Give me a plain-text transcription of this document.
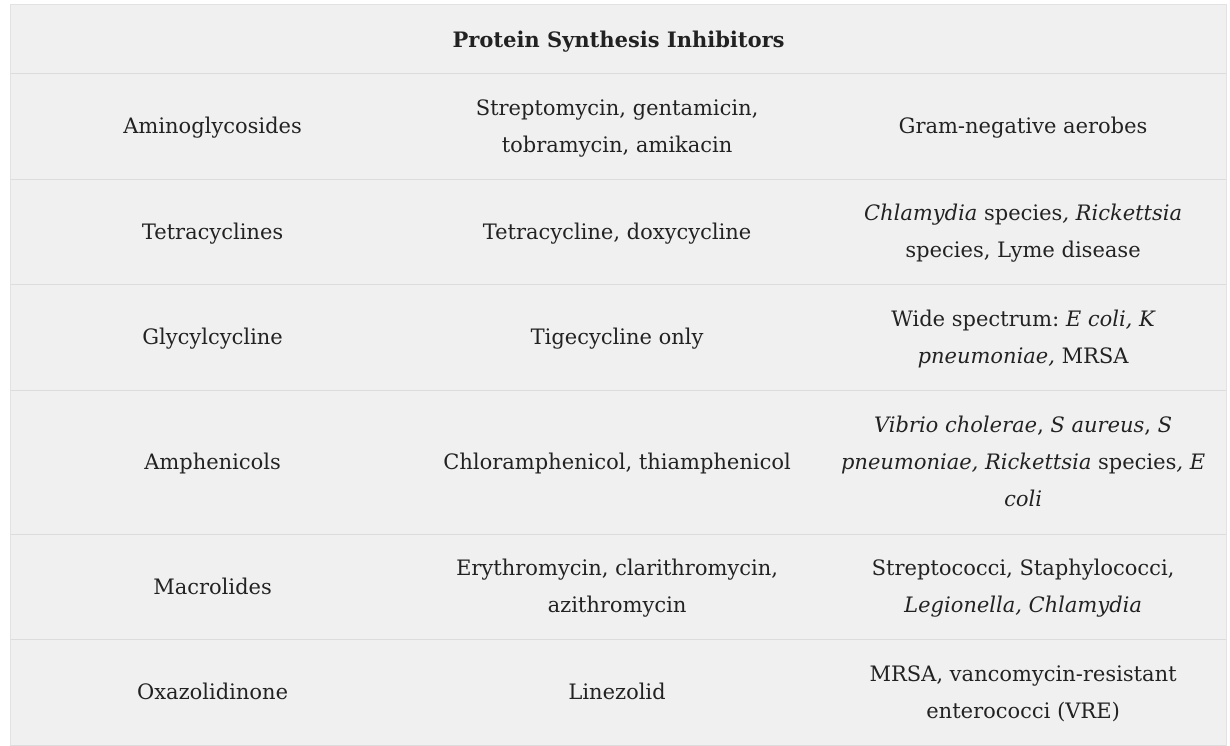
Protein Synthesis Inhibitors		
Aminoglycosides	Streptomycin, gentamicin, tobramycin, amikacin	Gram-negative aerobes
Tetracyclines	Tetracycline, doxycycline	Chlamydia species, Rickettsia species, Lyme disease
Glycylcycline	Tigecycline only	Wide spectrum: E coli, K pneumoniae, MRSA
Amphenicols	Chloramphenicol, thiamphenicol	Vibrio cholerae, S aureus, S pneumoniae, Rickettsia species, E coli
Macrolides	Erythromycin, clarithromycin, azithromycin	Streptococci, Staphylococci, Legionella, Chlamydia
Oxazolidinone	Linezolid	MRSA, vancomycin-resistant enterococci (VRE)
